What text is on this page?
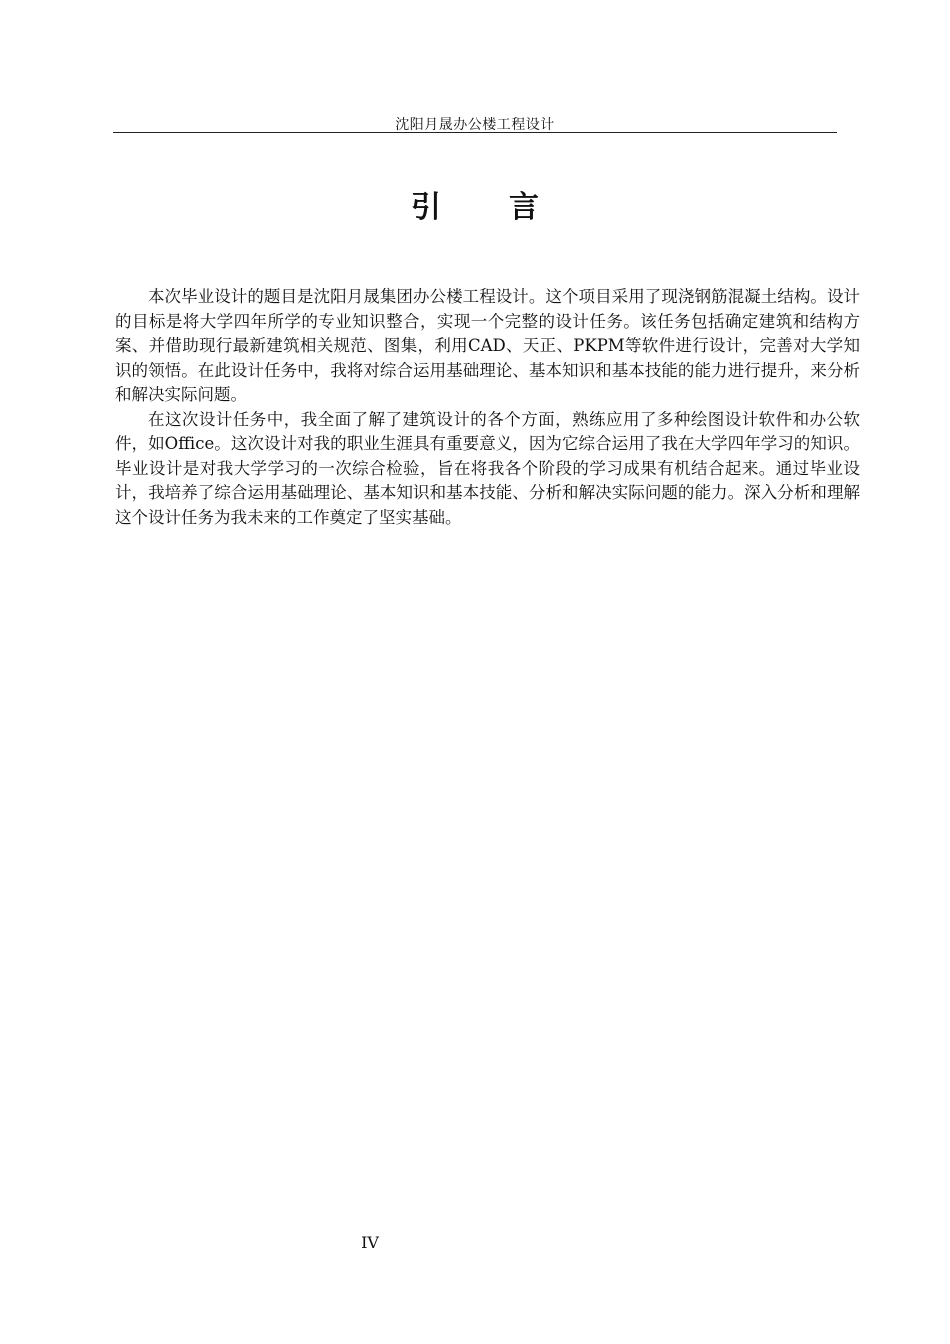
沈阳月晟办公楼工程设计
引 言

本次毕业设计的题目是沈阳月晟集团办公楼工程设计。这个项目采用了现浇钢筋混凝土结构。设计的目标是将大学四年所学的专业知识整合，实现一个完整的设计任务。该任务包括确定建筑和结构方案、并借助现行最新建筑相关规范、图集，利用CAD、天正、PKPM等软件进行设计，完善对大学知识的领悟。在此设计任务中，我将对综合运用基础理论、基本知识和基本技能的能力进行提升，来分析和解决实际问题。

在这次设计任务中，我全面了解了建筑设计的各个方面，熟练应用了多种绘图设计软件和办公软件，如Office。这次设计对我的职业生涯具有重要意义，因为它综合运用了我在大学四年学习的知识。毕业设计是对我大学学习的一次综合检验，旨在将我各个阶段的学习成果有机结合起来。通过毕业设计，我培养了综合运用基础理论、基本知识和基本技能、分析和解决实际问题的能力。深入分析和理解这个设计任务为我未来的工作奠定了坚实基础。

IV
